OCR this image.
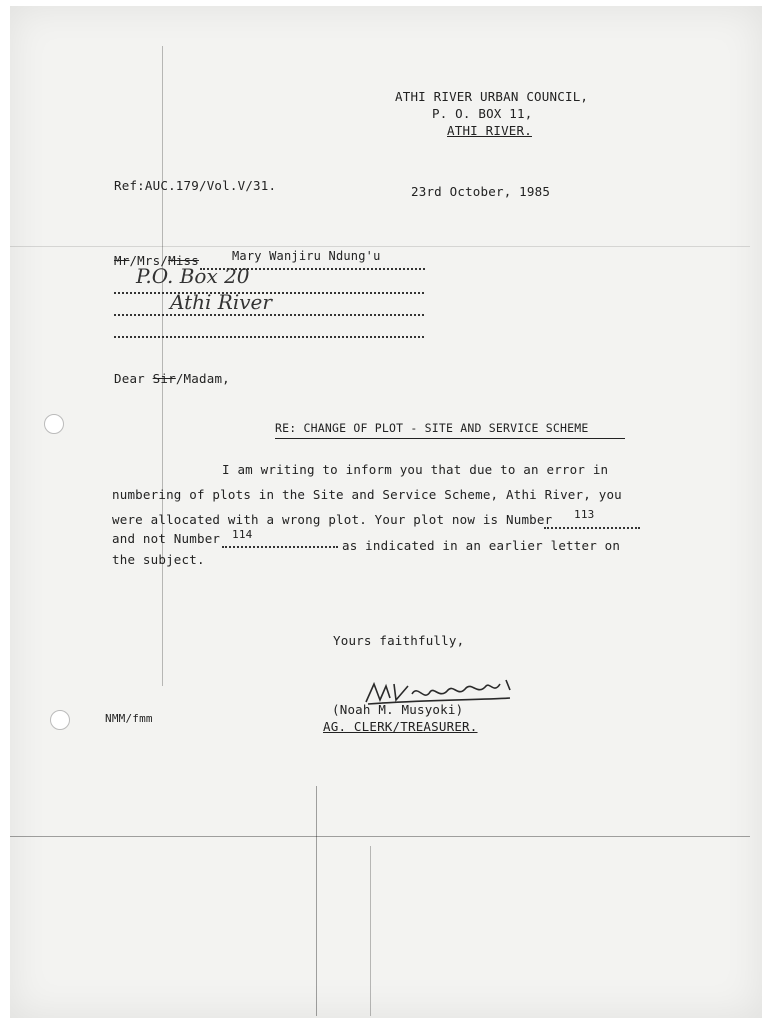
ATHI RIVER URBAN COUNCIL,
P. O. BOX 11,
ATHI RIVER.
Ref:AUC.179/Vol.V/31.	23rd October, 1985
Mr/Mrs/Miss	Mary Wanjiru Ndung'u
P.O. Box 20
Athi River
Dear Sir/Madam,
RE: CHANGE OF PLOT - SITE AND SERVICE SCHEME
I am writing to inform you that due to an error in
numbering of plots in the Site and Service Scheme, Athi River, you
were allocated with a wrong plot. Your plot now is Number 113
and not Number 114
as indicated in an earlier letter on
the subject.
Yours faithfully,
(Noah M. Musyoki)
AG. CLERK/TREASURER.
NMM/fmm
